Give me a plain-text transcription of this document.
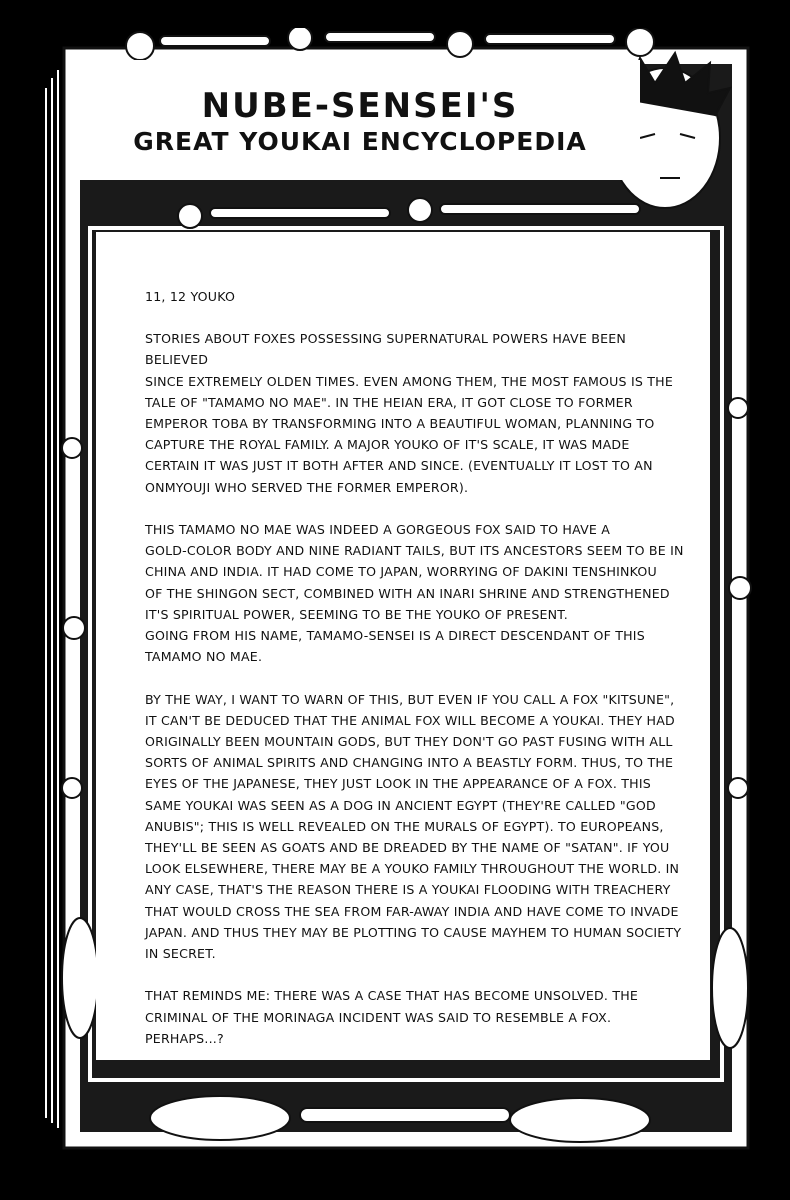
NUBE-SENSEI'S
GREAT YOUKAI ENCYCLOPEDIA
11, 12 YOUKO

STORIES ABOUT FOXES POSSESSING SUPERNATURAL POWERS HAVE BEEN BELIEVED
SINCE EXTREMELY OLDEN TIMES. EVEN AMONG THEM, THE MOST FAMOUS IS THE
TALE OF "TAMAMO NO MAE". IN THE HEIAN ERA, IT GOT CLOSE TO FORMER
EMPEROR TOBA BY TRANSFORMING INTO A BEAUTIFUL WOMAN, PLANNING TO
CAPTURE THE ROYAL FAMILY. A MAJOR YOUKO OF IT'S SCALE, IT WAS MADE
CERTAIN IT WAS JUST IT BOTH AFTER AND SINCE. (EVENTUALLY IT LOST TO AN
ONMYOUJI WHO SERVED THE FORMER EMPEROR).

THIS TAMAMO NO MAE WAS INDEED A GORGEOUS FOX SAID TO HAVE A
GOLD-COLOR BODY AND NINE RADIANT TAILS, BUT ITS ANCESTORS SEEM TO BE IN
CHINA AND INDIA. IT HAD COME TO JAPAN, WORRYING OF DAKINI TENSHINKOU
OF THE SHINGON SECT, COMBINED WITH AN INARI SHRINE AND STRENGTHENED
IT'S SPIRITUAL POWER, SEEMING TO BE THE YOUKO OF PRESENT.
GOING FROM HIS NAME, TAMAMO-SENSEI IS A DIRECT DESCENDANT OF THIS
TAMAMO NO MAE.

BY THE WAY, I WANT TO WARN OF THIS, BUT EVEN IF YOU CALL A FOX "KITSUNE",
IT CAN'T BE DEDUCED THAT THE ANIMAL FOX WILL BECOME A YOUKAI. THEY HAD
ORIGINALLY BEEN MOUNTAIN GODS, BUT THEY DON'T GO PAST FUSING WITH ALL
SORTS OF ANIMAL SPIRITS AND CHANGING INTO A BEASTLY FORM. THUS, TO THE
EYES OF THE JAPANESE, THEY JUST LOOK IN THE APPEARANCE OF A FOX. THIS
SAME YOUKAI WAS SEEN AS A DOG IN ANCIENT EGYPT (THEY'RE CALLED "GOD
ANUBIS"; THIS IS WELL REVEALED ON THE MURALS OF EGYPT). TO EUROPEANS,
THEY'LL BE SEEN AS GOATS AND BE DREADED BY THE NAME OF "SATAN". IF YOU
LOOK ELSEWHERE, THERE MAY BE A YOUKO FAMILY THROUGHOUT THE WORLD. IN
ANY CASE, THAT'S THE REASON THERE IS A YOUKAI FLOODING WITH TREACHERY
THAT WOULD CROSS THE SEA FROM FAR-AWAY INDIA AND HAVE COME TO INVADE
JAPAN. AND THUS THEY MAY BE PLOTTING TO CAUSE MAYHEM TO HUMAN SOCIETY
IN SECRET.

THAT REMINDS ME: THERE WAS A CASE THAT HAS BECOME UNSOLVED. THE
CRIMINAL OF THE MORINAGA INCIDENT WAS SAID TO RESEMBLE A FOX.
PERHAPS...?
